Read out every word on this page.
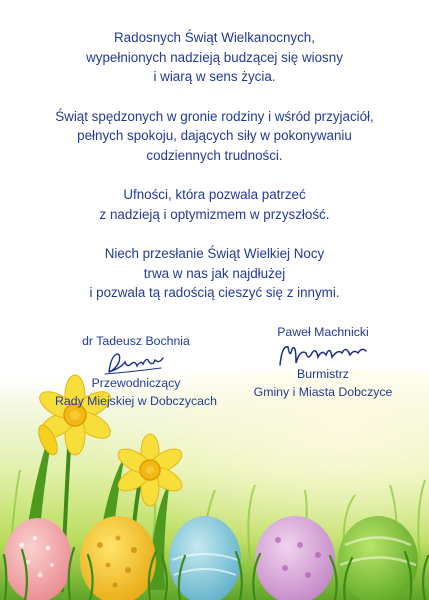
Radosnych Świąt Wielkanocnych,
wypełnionych nadzieją budzącej się wiosny
i wiarą w sens życia.

Świąt spędzonych w gronie rodziny i wśród przyjaciół,
pełnych spokoju, dających siły w pokonywaniu
codziennych trudności.

Ufności, która pozwala patrzeć
z nadzieją i optymizmem w przyszłość.

Niech przesłanie Świąt Wielkiej Nocy
trwa w nas jak najdłużej
i pozwala tą radością cieszyć się z innymi.

dr Tadeusz Bochnia
Przewodniczący
Rady Miejskiej w Dobczycach
Paweł Machnicki
Burmistrz
Gminy i Miasta Dobczyce
